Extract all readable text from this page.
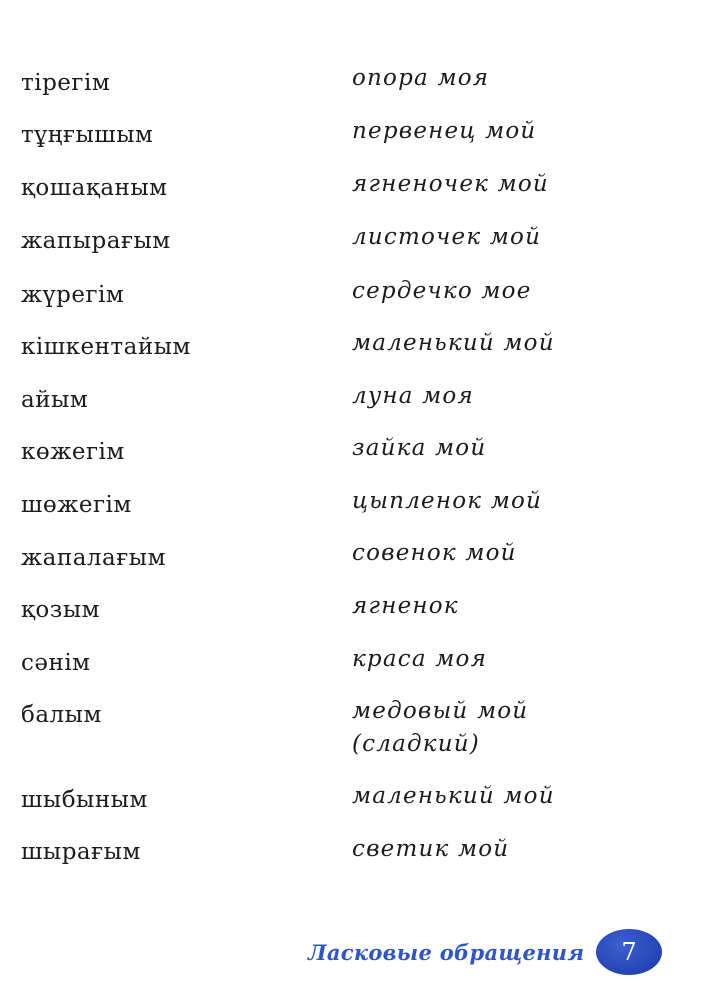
тірегім	опора моя
тұңғышым	первенец мой
қошақаным	ягненочек мой
жапырағым	листочек мой
жүрегім	сердечко мое
кішкентайым	маленький мой
айым	луна моя
көжегім	зайка мой
шөжегім	цыпленок мой
жапалағым	совенок мой
қозым	ягненок
сәнім	краса моя
балым	медовый мой
(сладкий)
шыбыным	маленький мой
шырағым	светик мой
Ласковые обращения 7
